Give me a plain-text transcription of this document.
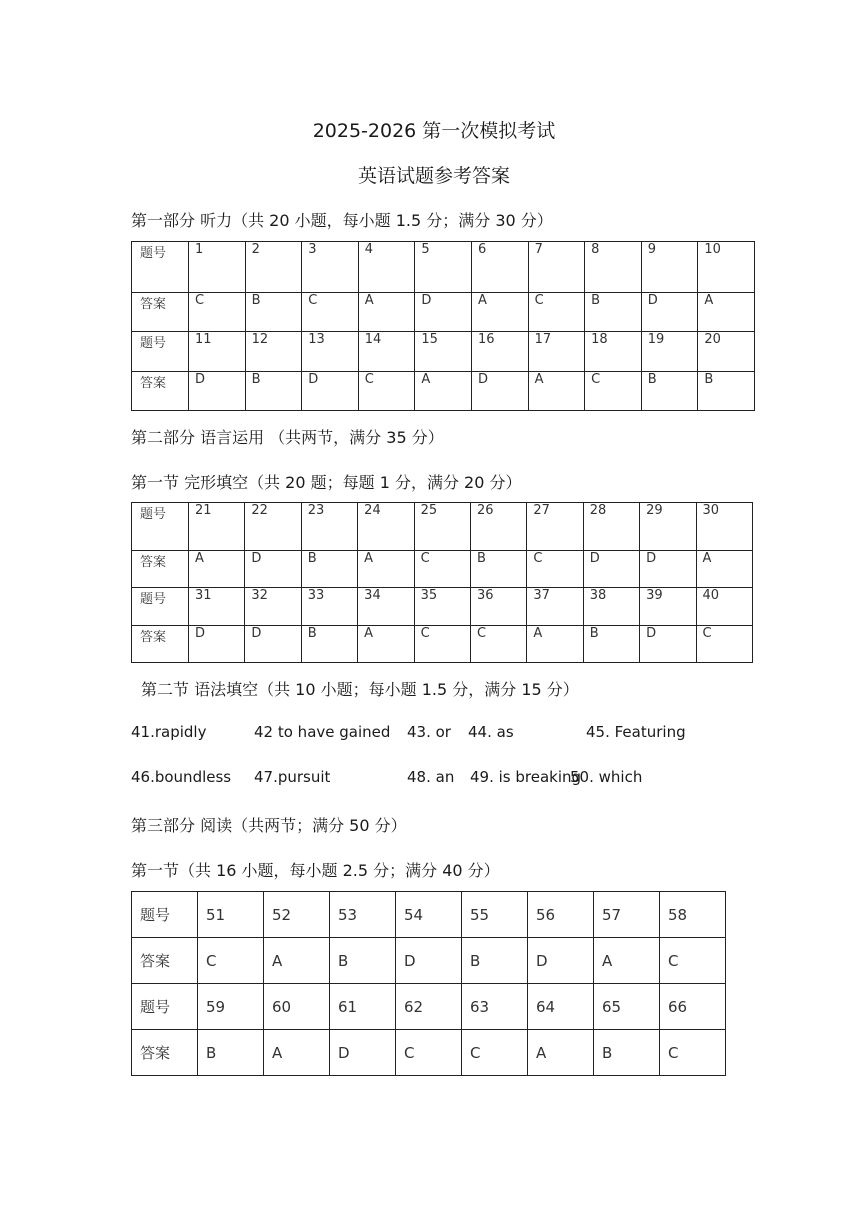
2025-2026 第一次模拟考试
英语试题参考答案
第一部分 听力（共 20 小题，每小题 1.5 分；满分 30 分）
题号	1	2	3	4	5	6	7	8	9	10
答案	C	B	C	A	D	A	C	B	D	A
题号	11	12	13	14	15	16	17	18	19	20
答案	D	B	D	C	A	D	A	C	B	B
第二部分 语言运用 （共两节，满分 35 分）
第一节 完形填空（共 20 题；每题 1 分，满分 20 分）
题号	21	22	23	24	25	26	27	28	29	30
答案	A	D	B	A	C	B	C	D	D	A
题号	31	32	33	34	35	36	37	38	39	40
答案	D	D	B	A	C	C	A	B	D	C
第二节 语法填空（共 10 小题；每小题 1.5 分，满分 15 分）
41.rapidly	42 to have gained 43. or 44. as	45. Featuring
46.boundless 47.pursuit	48. an 49. is breaking
50. which
第三部分 阅读（共两节；满分 50 分）
第一节（共 16 小题，每小题 2.5 分；满分 40 分）
题号	51	52	53	54	55	56	57	58
答案	C	A	B	D	B	D	A	C
题号	59	60	61	62	63	64	65	66
答案	B	A	D	C	C	A	B	C
